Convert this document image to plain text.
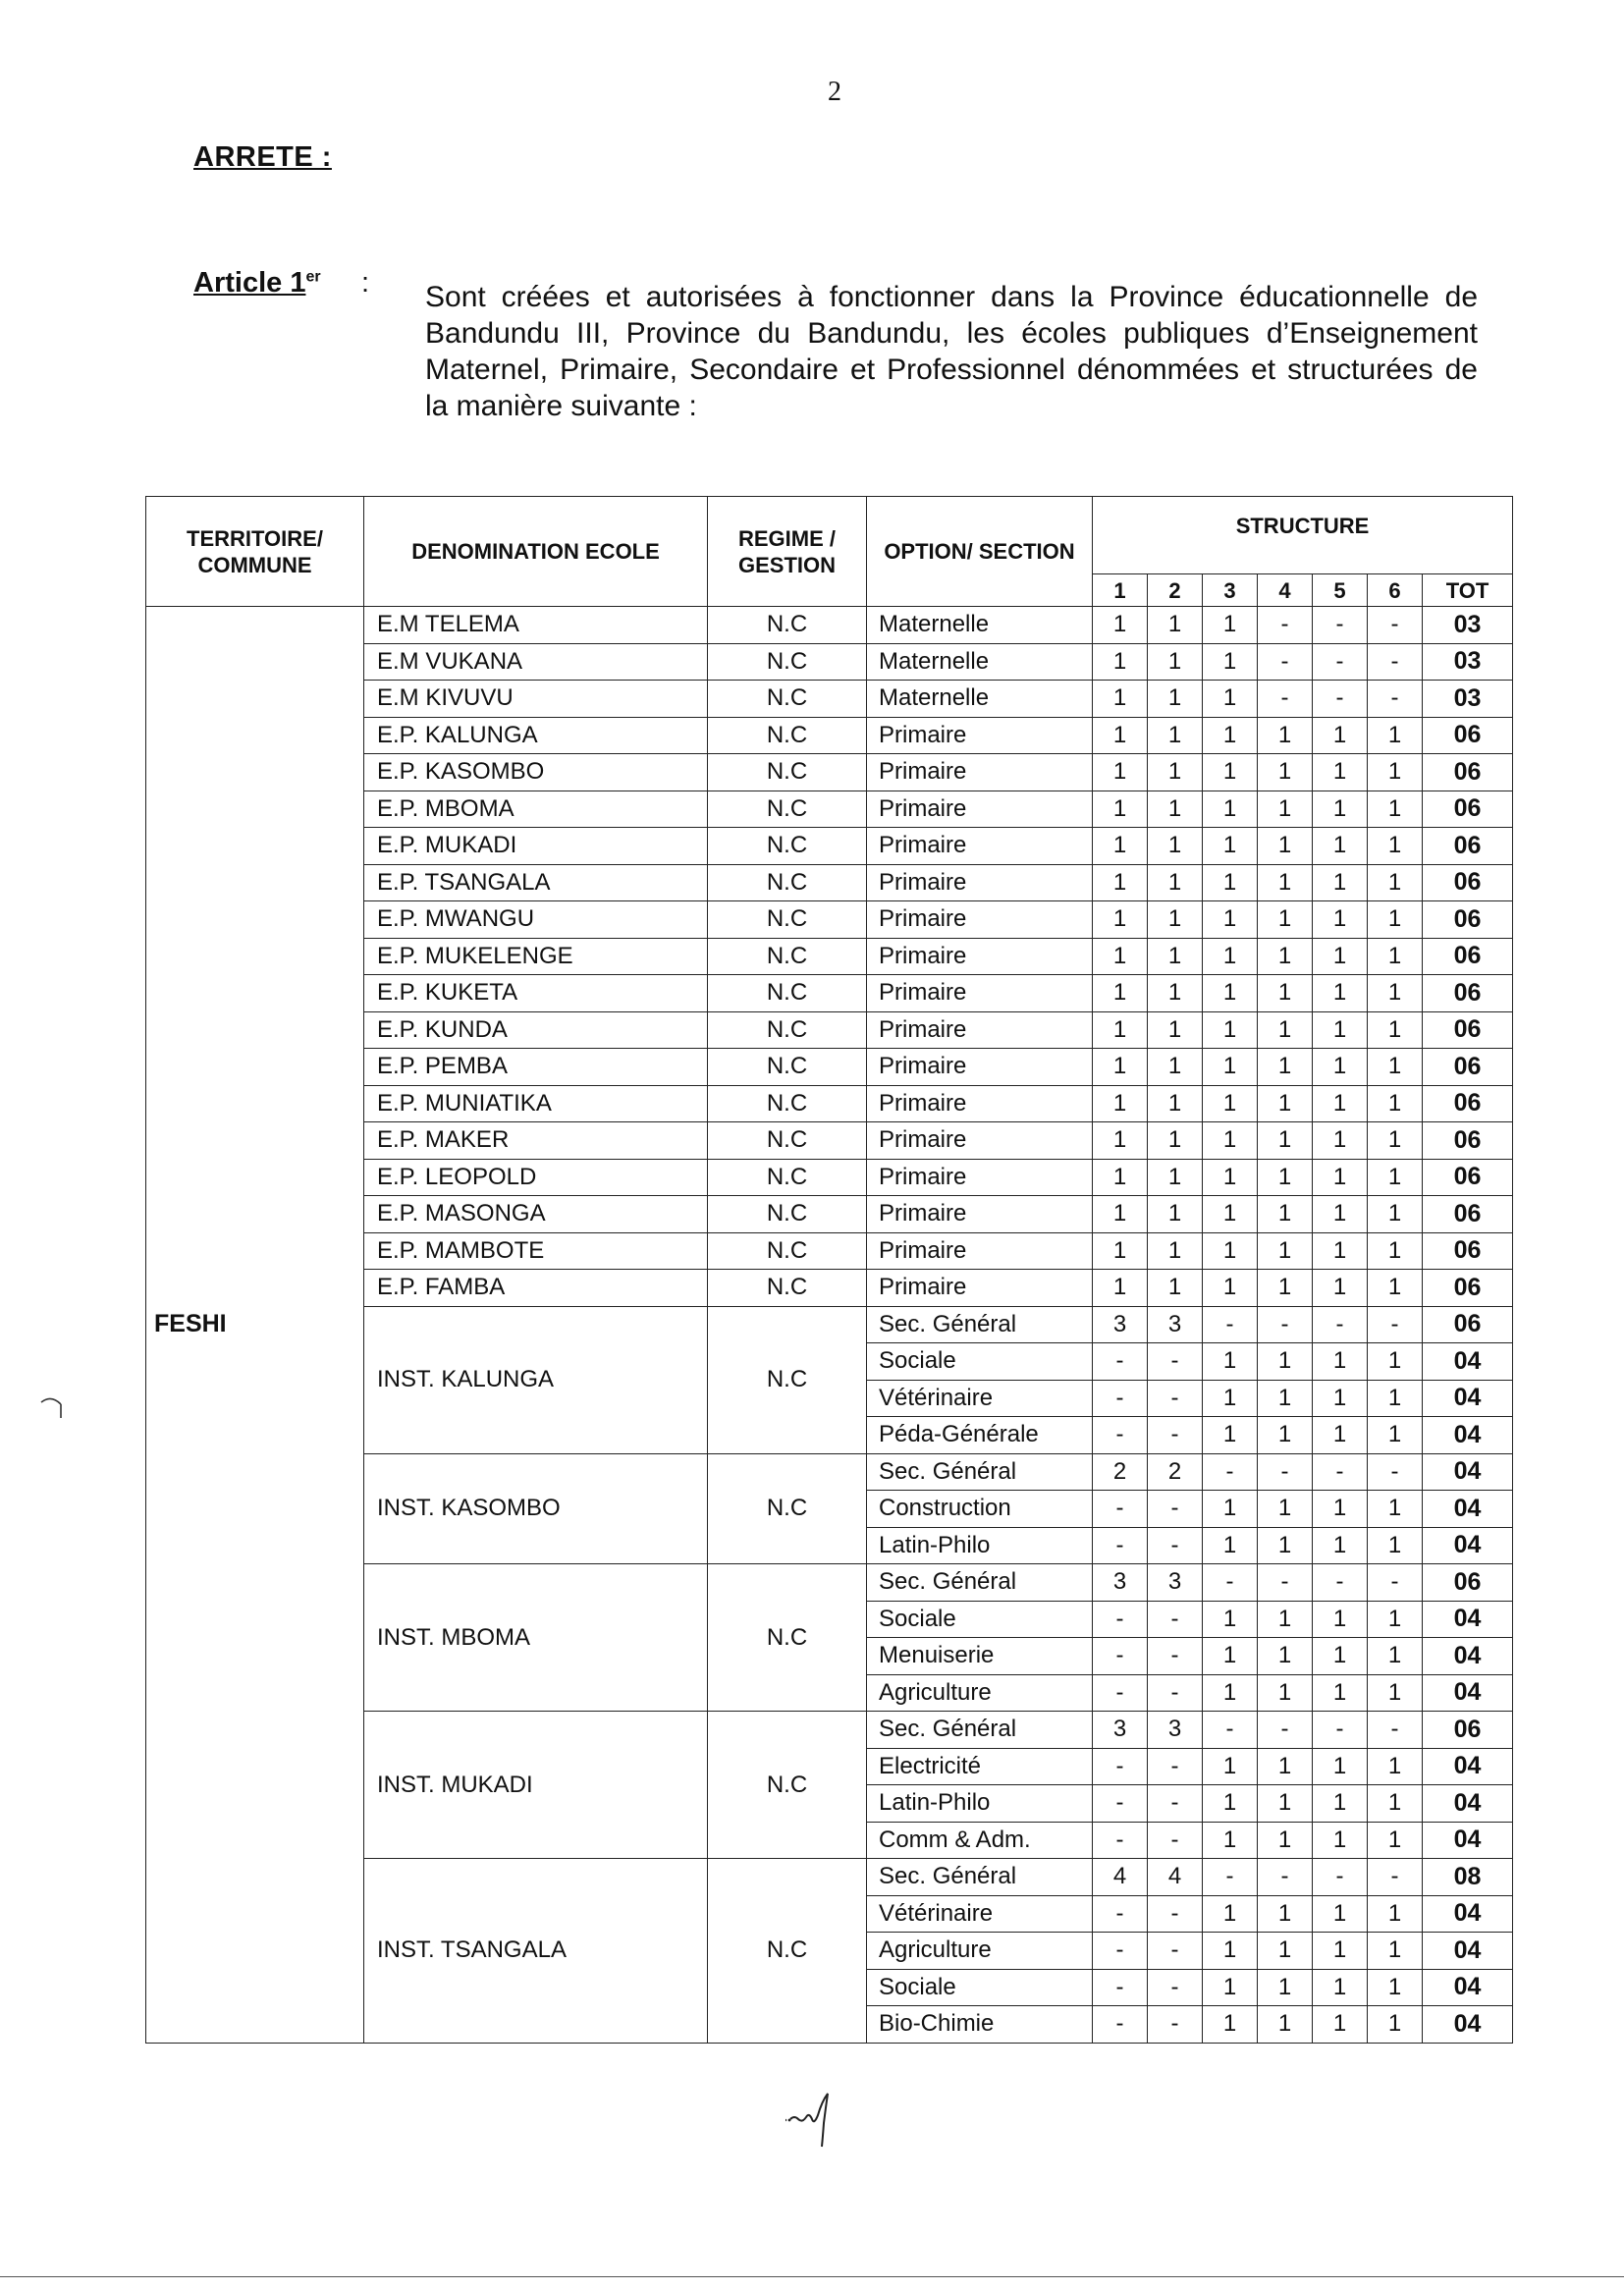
2
ARRETE :
Article 1er : Sont créées et autorisées à fonctionner dans la Province éducationnelle de Bandundu III, Province du Bandundu, les écoles publiques d’Enseignement Maternel, Primaire, Secondaire et Professionnel dénommées et structurées de la manière suivante :
TERRITOIRE/ COMMUNE	DENOMINATION ECOLE	REGIME / GESTION	OPTION/ SECTION	STRUCTURE						
				1	2	3	4	5	6	TOT
FESHI	E.M TELEMA	N.C	Maternelle	1	1	1	-	-	-	03
	E.M VUKANA	N.C	Maternelle	1	1	1	-	-	-	03
	E.M KIVUVU	N.C	Maternelle	1	1	1	-	-	-	03
	E.P. KALUNGA	N.C	Primaire	1	1	1	1	1	1	06
	E.P. KASOMBO	N.C	Primaire	1	1	1	1	1	1	06
	E.P. MBOMA	N.C	Primaire	1	1	1	1	1	1	06
	E.P. MUKADI	N.C	Primaire	1	1	1	1	1	1	06
	E.P. TSANGALA	N.C	Primaire	1	1	1	1	1	1	06
	E.P. MWANGU	N.C	Primaire	1	1	1	1	1	1	06
	E.P. MUKELENGE	N.C	Primaire	1	1	1	1	1	1	06
	E.P. KUKETA	N.C	Primaire	1	1	1	1	1	1	06
	E.P. KUNDA	N.C	Primaire	1	1	1	1	1	1	06
	E.P. PEMBA	N.C	Primaire	1	1	1	1	1	1	06
	E.P. MUNIATIKA	N.C	Primaire	1	1	1	1	1	1	06
	E.P. MAKER	N.C	Primaire	1	1	1	1	1	1	06
	E.P. LEOPOLD	N.C	Primaire	1	1	1	1	1	1	06
	E.P. MASONGA	N.C	Primaire	1	1	1	1	1	1	06
	E.P. MAMBOTE	N.C	Primaire	1	1	1	1	1	1	06
	E.P. FAMBA	N.C	Primaire	1	1	1	1	1	1	06
	INST. KALUNGA	N.C	Sec. Général	3	3	-	-	-	-	06
			Sociale	-	-	1	1	1	1	04
			Vétérinaire	-	-	1	1	1	1	04
			Péda-Générale	-	-	1	1	1	1	04
	INST. KASOMBO	N.C	Sec. Général	2	2	-	-	-	-	04
			Construction	-	-	1	1	1	1	04
			Latin-Philo	-	-	1	1	1	1	04
	INST. MBOMA	N.C	Sec. Général	3	3	-	-	-	-	06
			Sociale	-	-	1	1	1	1	04
			Menuiserie	-	-	1	1	1	1	04
			Agriculture	-	-	1	1	1	1	04
	INST. MUKADI	N.C	Sec. Général	3	3	-	-	-	-	06
			Electricité	-	-	1	1	1	1	04
			Latin-Philo	-	-	1	1	1	1	04
			Comm & Adm.	-	-	1	1	1	1	04
	INST. TSANGALA	N.C	Sec. Général	4	4	-	-	-	-	08
			Vétérinaire	-	-	1	1	1	1	04
			Agriculture	-	-	1	1	1	1	04
			Sociale	-	-	1	1	1	1	04
			Bio-Chimie	-	-	1	1	1	1	04
